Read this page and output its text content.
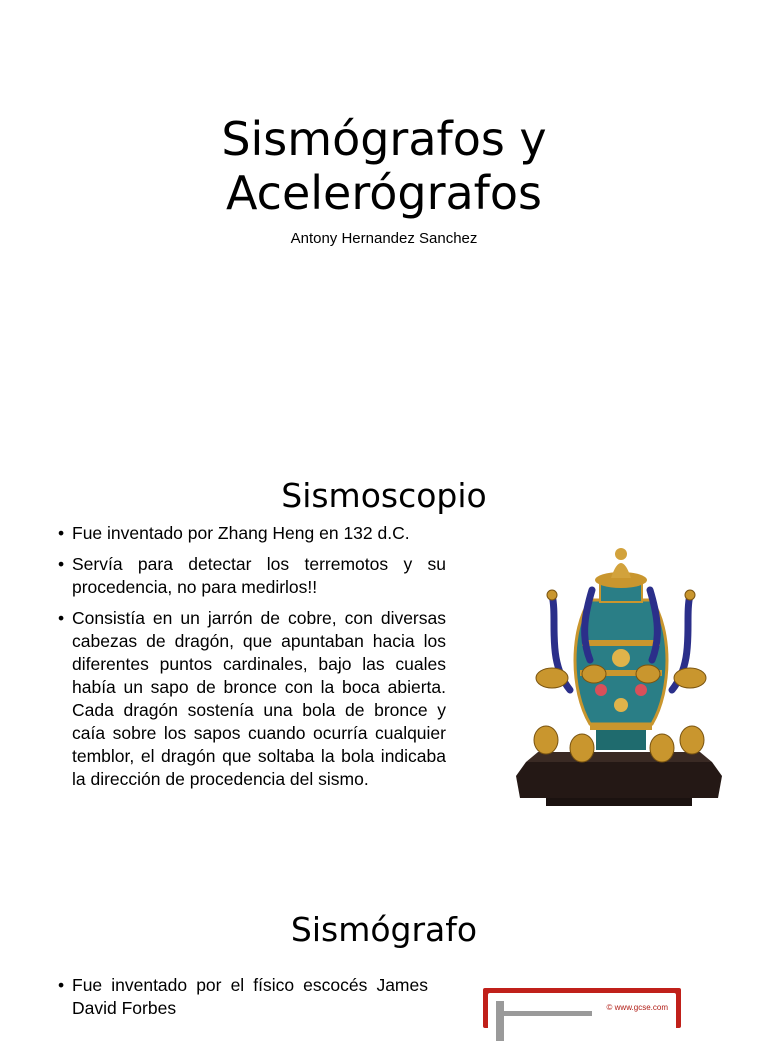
Sismógrafos y
Acelerógrafos
Antony Hernandez Sanchez
Sismoscopio
• Fue inventado por Zhang Heng en 132 d.C.
• Servía para detectar los terremotos y su procedencia, no para medirlos!!
• Consistía en un jarrón de cobre, con diversas cabezas de dragón, que apuntaban hacia los diferentes puntos cardinales, bajo las cuales había un sapo de bronce con la boca abierta. Cada dragón sostenía una bola de bronce y caía sobre los sapos cuando ocurría cualquier temblor, el dragón que soltaba la bola indicaba la dirección de procedencia del sismo.
Sismógrafo
• Fue inventado por el físico escocés James David Forbes	© www.gcse.com
